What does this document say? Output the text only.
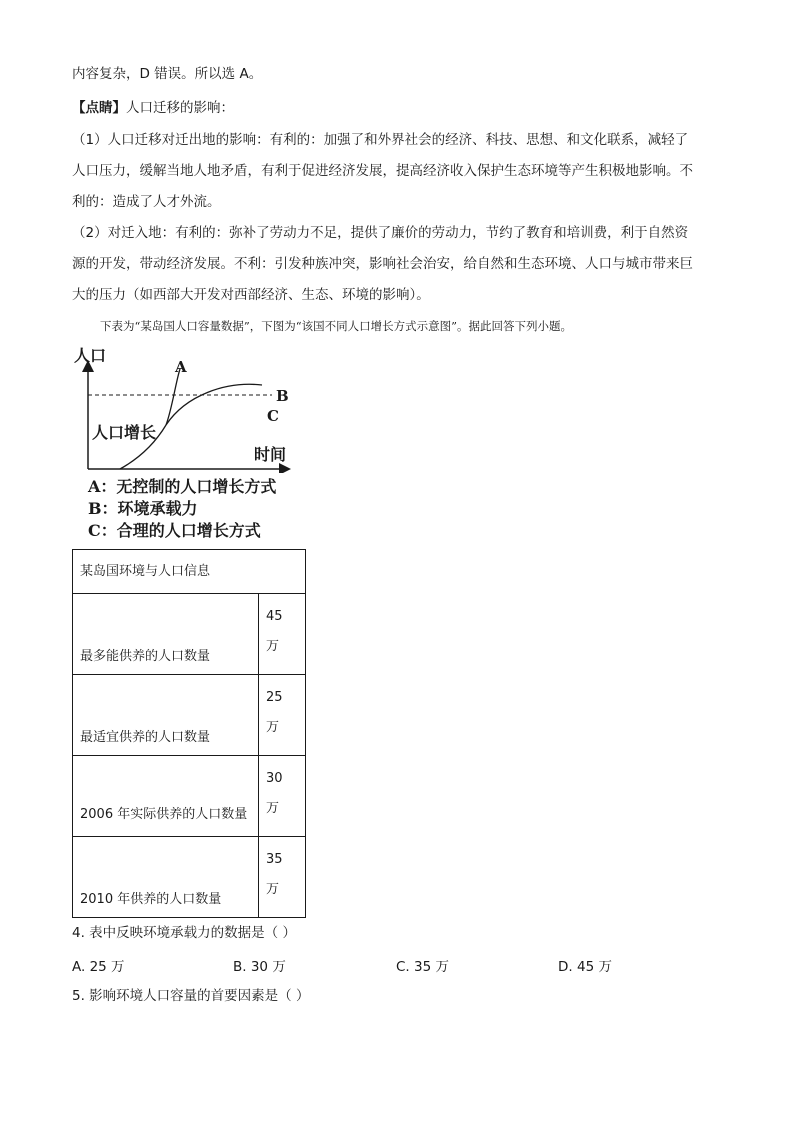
内容复杂，D 错误。所以选 A。
【点睛】人口迁移的影响：
（1）人口迁移对迁出地的影响：有利的：加强了和外界社会的经济、科技、思想、和文化联系，减轻了
人口压力，缓解当地人地矛盾，有利于促进经济发展，提高经济收入保护生态环境等产生积极地影响。不
利的：造成了人才外流。
（2）对迁入地：有利的：弥补了劳动力不足，提供了廉价的劳动力，节约了教育和培训费，利于自然资
源的开发，带动经济发展。不利：引发种族冲突，影响社会治安，给自然和生态环境、人口与城市带来巨
大的压力（如西部大开发对西部经济、生态、环境的影响）。
下表为“某岛国人口容量数据”，下图为“该国不同人口增长方式示意图”。据此回答下列小题。
人口
时间
人口增长
A
B
C
A：无控制的人口增长方式
B：环境承载力
C：合理的人口增长方式
某岛国环境与人口信息	

最多能供养的人口数量	45
万

最适宜供养的人口数量	25
万

2006 年实际供养的人口数量	30
万

2010 年供养的人口数量	35
万
4. 表中反映环境承载力的数据是（ ）
A. 25 万	B. 30 万	C. 35 万	D. 45 万
5. 影响环境人口容量的首要因素是（ ）
